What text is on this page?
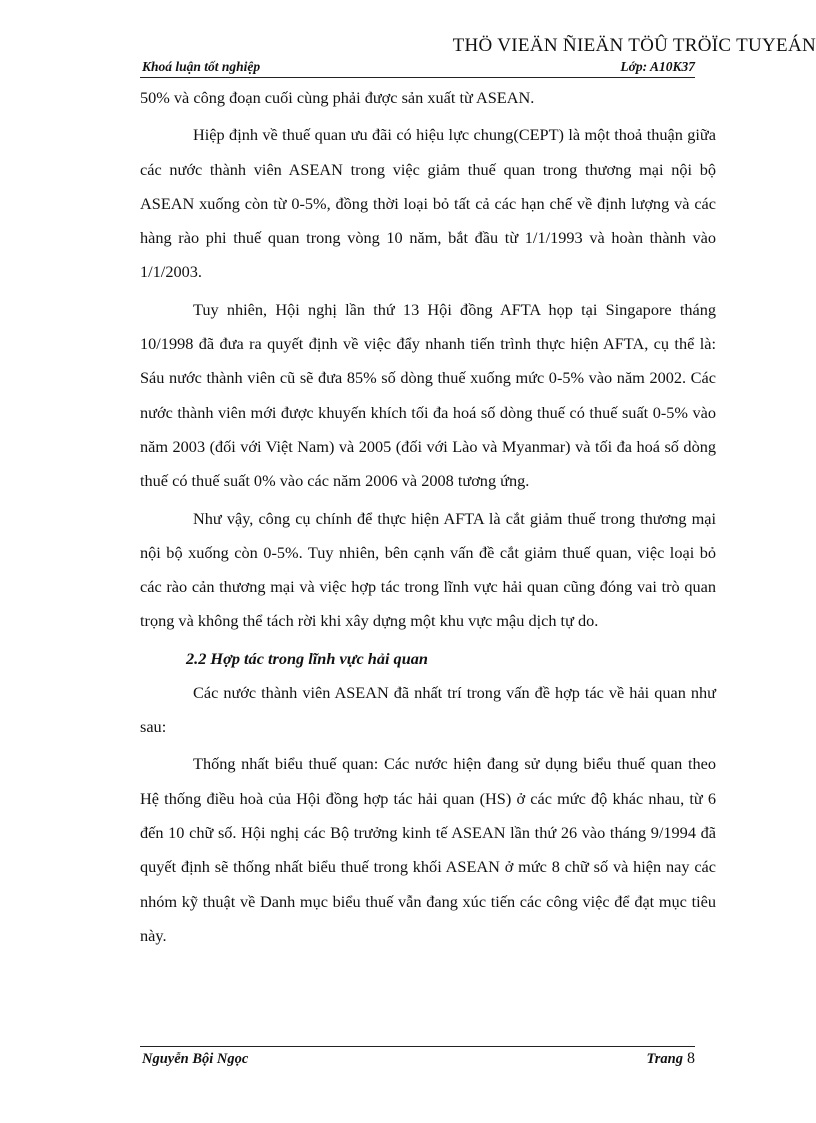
THÖ VIEÄN ÑIEÄN TÖÛ TRÖÏC TUYEÁN
Khoá luận tốt nghiệp	Lớp: A10K37

50% và công đoạn cuối cùng phải được sản xuất từ ASEAN.

Hiệp định về thuế quan ưu đãi có hiệu lực chung(CEPT) là một thoả thuận giữa các nước thành viên ASEAN trong việc giảm thuế quan trong thương mại nội bộ ASEAN xuống còn từ 0-5%, đồng thời loại bỏ tất cả các hạn chế về định lượng và các hàng rào phi thuế quan trong vòng 10 năm, bắt đầu từ 1/1/1993 và hoàn thành vào 1/1/2003.

Tuy nhiên, Hội nghị lần thứ 13 Hội đồng AFTA họp tại Singapore tháng 10/1998 đã đưa ra quyết định về việc đẩy nhanh tiến trình thực hiện AFTA, cụ thể là: Sáu nước thành viên cũ sẽ đưa 85% số dòng thuế xuống mức 0-5% vào năm 2002. Các nước thành viên mới được khuyến khích tối đa hoá số dòng thuế có thuế suất 0-5% vào năm 2003 (đối với Việt Nam) và 2005 (đối với Lào và Myanmar) và tối đa hoá số dòng thuế có thuế suất 0% vào các năm 2006 và 2008 tương ứng.

Như vậy, công cụ chính để thực hiện AFTA là cắt giảm thuế trong thương mại nội bộ xuống còn 0-5%. Tuy nhiên, bên cạnh vấn đề cắt giảm thuế quan, việc loại bỏ các rào cản thương mại và việc hợp tác trong lĩnh vực hải quan cũng đóng vai trò quan trọng và không thể tách rời khi xây dựng một khu vực mậu dịch tự do.

2.2 Hợp tác trong lĩnh vực hải quan

Các nước thành viên ASEAN đã nhất trí trong vấn đề hợp tác về hải quan như sau:

Thống nhất biểu thuế quan: Các nước hiện đang sử dụng biểu thuế quan theo Hệ thống điều hoà của Hội đồng hợp tác hải quan (HS) ở các mức độ khác nhau, từ 6 đến 10 chữ số. Hội nghị các Bộ trưởng kinh tế ASEAN lần thứ 26 vào tháng 9/1994 đã quyết định sẽ thống nhất biểu thuế trong khối ASEAN ở mức 8 chữ số và hiện nay các nhóm kỹ thuật về Danh mục biểu thuế vẫn đang xúc tiến các công việc để đạt mục tiêu này.

Nguyễn Bội Ngọc	Trang 8
